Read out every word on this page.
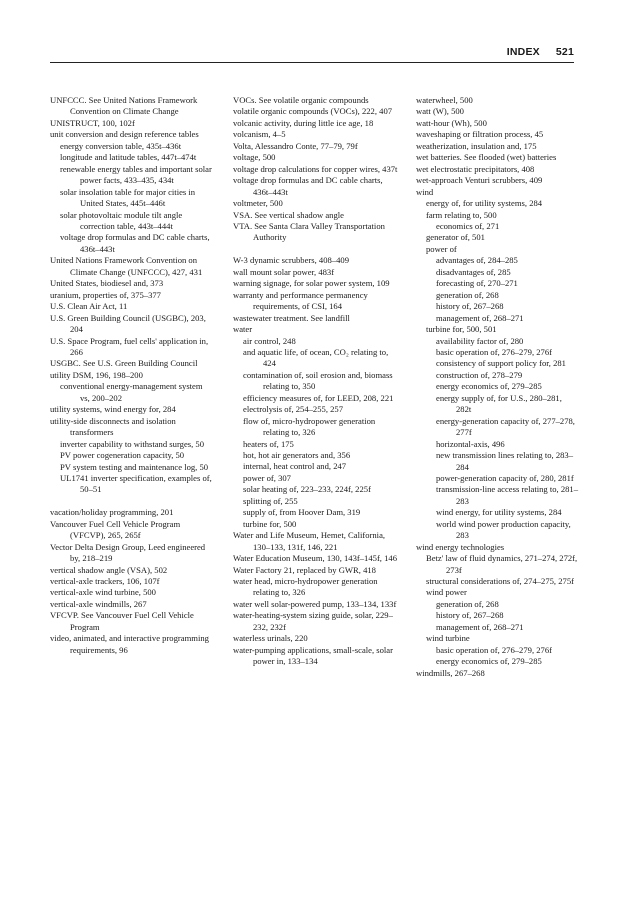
INDEX 521
UNFCCC. See United Nations Framework Convention on Climate Change
UNISTRUCT, 100, 102f
unit conversion and design reference tables
energy conversion table, 435t–436t
longitude and latitude tables, 447t–474t
renewable energy tables and important solar power facts, 433–435, 434t
solar insolation table for major cities in United States, 445t–446t
solar photovoltaic module tilt angle correction table, 443t–444t
voltage drop formulas and DC cable charts, 436t–443t
United Nations Framework Convention on Climate Change (UNFCCC), 427, 431
United States, biodiesel and, 373
uranium, properties of, 375–377
U.S. Clean Air Act, 11
U.S. Green Building Council (USGBC), 203, 204
U.S. Space Program, fuel cells' application in, 266
USGBC. See U.S. Green Building Council
utility DSM, 196, 198–200
conventional energy-management system vs, 200–202
utility systems, wind energy for, 284
utility-side disconnects and isolation transformers
inverter capability to withstand surges, 50
PV power cogeneration capacity, 50
PV system testing and maintenance log, 50
UL1741 inverter specification, examples of, 50–51
vacation/holiday programming, 201
Vancouver Fuel Cell Vehicle Program (VFCVP), 265, 265f
Vector Delta Design Group, Leed engineered by, 218–219
vertical shadow angle (VSA), 502
vertical-axle trackers, 106, 107f
vertical-axle wind turbine, 500
vertical-axle windmills, 267
VFCVP. See Vancouver Fuel Cell Vehicle Program
video, animated, and interactive programming requirements, 96
VOCs. See volatile organic compounds
volatile organic compounds (VOCs), 222, 407
volcanic activity, during little ice age, 18
volcanism, 4–5
Volta, Alessandro Conte, 77–79, 79f
voltage, 500
voltage drop calculations for copper wires, 437t
voltage drop formulas and DC cable charts, 436t–443t
voltmeter, 500
VSA. See vertical shadow angle
VTA. See Santa Clara Valley Transportation Authority
W-3 dynamic scrubbers, 408–409
wall mount solar power, 483f
warning signage, for solar power system, 109
warranty and performance permanency requirements, of CSI, 164
wastewater treatment. See landfill
water
air control, 248
and aquatic life, of ocean, CO₂ relating to, 424
contamination of, soil erosion and, biomass relating to, 350
efficiency measures of, for LEED, 208, 221
electrolysis of, 254–255, 257
flow of, micro-hydropower generation relating to, 326
heaters of, 175
hot, hot air generators and, 356
internal, heat control and, 247
power of, 307
solar heating of, 223–233, 224f, 225f
splitting of, 255
supply of, from Hoover Dam, 319
turbine for, 500
Water and Life Museum, Hemet, California, 130–133, 131f, 146, 221
Water Education Museum, 130, 143f–145f, 146
Water Factory 21, replaced by GWR, 418
water head, micro-hydropower generation relating to, 326
water well solar-powered pump, 133–134, 133f
water-heating-system sizing guide, solar, 229–232, 232f
waterless urinals, 220
water-pumping applications, small-scale, solar power in, 133–134
waterwheel, 500
watt (W), 500
watt-hour (Wh), 500
waveshaping or filtration process, 45
weatherization, insulation and, 175
wet batteries. See flooded (wet) batteries
wet electrostatic precipitators, 408
wet-approach Venturi scrubbers, 409
wind
energy of, for utility systems, 284
farm relating to, 500
economics of, 271
generator of, 501
power of
advantages of, 284–285
disadvantages of, 285
forecasting of, 270–271
generation of, 268
history of, 267–268
management of, 268–271
turbine for, 500, 501
availability factor of, 280
basic operation of, 276–279, 276f
consistency of support policy for, 281
construction of, 278–279
energy economics of, 279–285
energy supply of, for U.S., 280–281, 282t
energy-generation capacity of, 277–278, 277f
horizontal-axis, 496
new transmission lines relating to, 283–284
power-generation capacity of, 280, 281f
transmission-line access relating to, 281–283
wind energy, for utility systems, 284
world wind power production capacity, 283
wind energy technologies
Betz' law of fluid dynamics, 271–274, 272f, 273f
structural considerations of, 274–275, 275f
wind power
generation of, 268
history of, 267–268
management of, 268–271
wind turbine
basic operation of, 276–279, 276f
energy economics of, 279–285
windmills, 267–268
